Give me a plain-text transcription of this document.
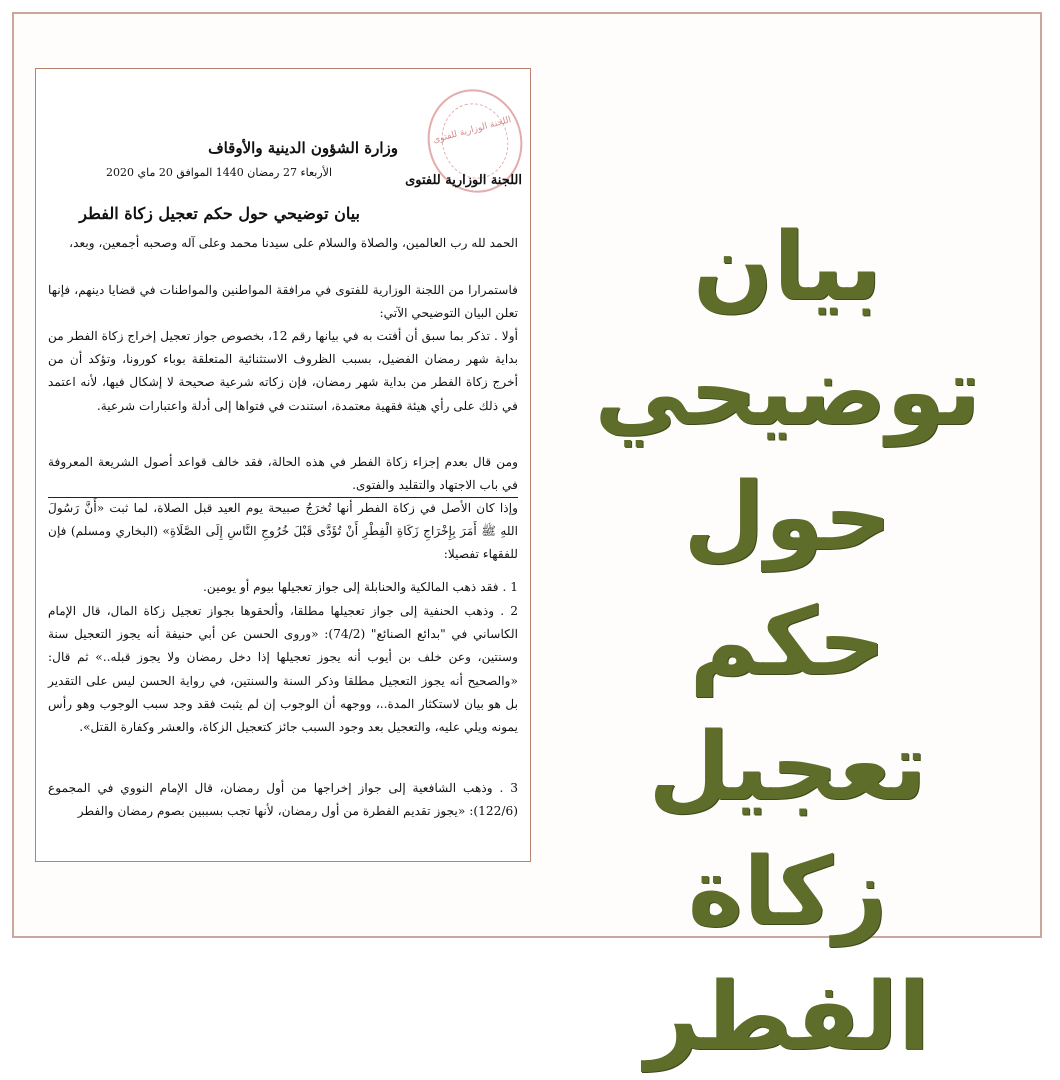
اللجنة الوزارية للفتوى
وزارة الشؤون الدينية والأوقاف
اللجنة الوزارية للفتوى
الأربعاء 27 رمضان 1440 الموافق 20 ماي 2020
بيان توضيحي حول حكم تعجيل زكاة الفطر
الحمد لله رب العالمين، والصلاة والسلام على سيدنا محمد وعلى آله وصحبه أجمعين، وبعد،
فاستمرارا من اللجنة الوزارية للفتوى في مرافقة المواطنين والمواطنات في قضايا دينهم، فإنها تعلن البيان التوضيحي الآتي:
أولا . تذكر بما سبق أن أفتت به في بيانها رقم 12، بخصوص جواز تعجيل إخراج زكاة الفطر من بداية شهر رمضان الفضيل، بسبب الظروف الاستثنائية المتعلقة بوباء كورونا، وتؤكد أن من أخرج زكاة الفطر من بداية شهر رمضان، فإن زكاته شرعية صحيحة لا إشكال فيها، لأنه اعتمد في ذلك على رأي هيئة فقهية معتمدة، استندت في فتواها إلى أدلة واعتبارات شرعية.
ومن قال بعدم إجزاء زكاة الفطر في هذه الحالة، فقد خالف قواعد أصول الشريعة المعروفة في باب الاجتهاد والتقليد والفتوى.
وإذا كان الأصل في زكاة الفطر أنها تُخرَجُ صبيحة يوم العيد قبل الصلاة، لما ثبت «أَنَّ رَسُولَ اللهِ ﷺ أَمَرَ بِإِخْرَاجِ زَكَاةِ الْفِطْرِ أَنْ تُؤَدَّى قَبْلَ خُرُوجِ النَّاسِ إِلَى الصَّلَاةِ» (البخاري ومسلم) فإن للفقهاء تفصيلا:
1 . فقد ذهب المالكية والحنابلة إلى جواز تعجيلها بيوم أو يومين.
2 . وذهب الحنفية إلى جواز تعجيلها مطلقا، وألحقوها بجواز تعجيل زكاة المال، قال الإمام الكاساني في "بدائع الصنائع" (74/2): «وروى الحسن عن أبي حنيفة أنه يجوز التعجيل سنة وسنتين، وعن خلف بن أيوب أنه يجوز تعجيلها إذا دخل رمضان ولا يجوز قبله..» ثم قال: «والصحيح أنه يجوز التعجيل مطلقا وذكر السنة والسنتين، في رواية الحسن ليس على التقدير بل هو بيان لاستكثار المدة..، ووجهه أن الوجوب إن لم يثبت فقد وجد سبب الوجوب وهو رأس يمونه ويلي عليه، والتعجيل بعد وجود السبب جائز كتعجيل الزكاة، والعشر وكفارة القتل».
3 . وذهب الشافعية إلى جواز إخراجها من أول رمضان، قال الإمام النووي في المجموع (122/6): «يجوز تقديم الفطرة من أول رمضان، لأنها تجب بسببين بصوم رمضان والفطر
بيان توضيحي
حول
حكم تعجيل
زكاة الفطر
